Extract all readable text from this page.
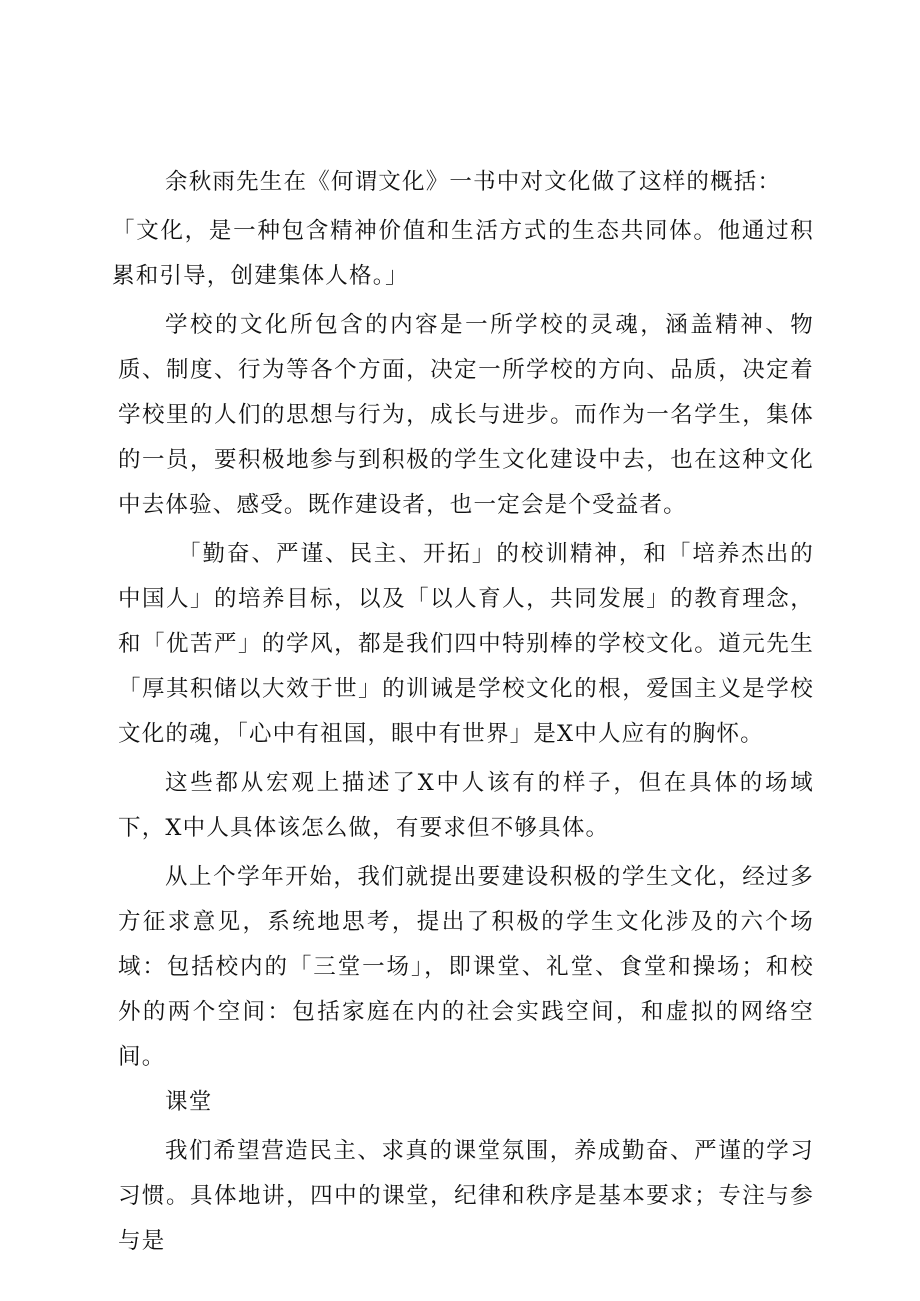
余秋雨先生在《何谓文化》一书中对文化做了这样的概括：

「文化，是一种包含精神价值和生活方式的生态共同体。他通过积累和引导，创建集体人格。」

学校的文化所包含的内容是一所学校的灵魂，涵盖精神、物质、制度、行为等各个方面，决定一所学校的方向、品质，决定着学校里的人们的思想与行为，成长与进步。而作为一名学生，集体的一员，要积极地参与到积极的学生文化建设中去，也在这种文化中去体验、感受。既作建设者，也一定会是个受益者。

「勤奋、严谨、民主、开拓」的校训精神，和「培养杰出的中国人」的培养目标，以及「以人育人，共同发展」的教育理念，和「优苦严」的学风，都是我们四中特别棒的学校文化。道元先生「厚其积储以大效于世」的训诫是学校文化的根，爱国主义是学校文化的魂，「心中有祖国，眼中有世界」是X中人应有的胸怀。

这些都从宏观上描述了X中人该有的样子，但在具体的场域下，X中人具体该怎么做，有要求但不够具体。

从上个学年开始，我们就提出要建设积极的学生文化，经过多方征求意见，系统地思考，提出了积极的学生文化涉及的六个场域：包括校内的「三堂一场」，即课堂、礼堂、食堂和操场；和校外的两个空间：包括家庭在内的社会实践空间，和虚拟的网络空间。

课堂

我们希望营造民主、求真的课堂氛围，养成勤奋、严谨的学习习惯。具体地讲，四中的课堂，纪律和秩序是基本要求；专注与参与是
